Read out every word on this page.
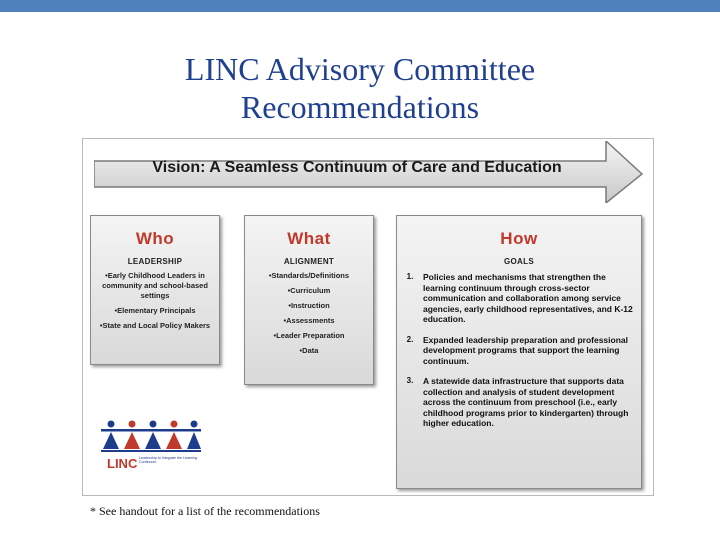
LINC Advisory Committee
Recommendations
Vision: A Seamless Continuum of Care and Education
Who
LEADERSHIP
•Early Childhood Leaders in community and school-based settings
•Elementary Principals
•State and Local Policy Makers
What
ALIGNMENT
•Standards/Definitions
•Curriculum
•Instruction
•Assessments
•Leader Preparation
•Data
How
GOALS
1.	Policies and mechanisms that strengthen the learning continuum through cross-sector communication and collaboration among service agencies, early childhood representatives, and K-12 education.
2.	Expanded leadership preparation and professional development programs that support the learning continuum.
3.	A statewide data infrastructure that supports data collection and analysis of student development across the continuum from preschool (i.e., early childhood programs prior to kindergarten) through higher education.
LINC Leadership to Integrate the Learning Continuum
* See handout for a list of the recommendations
